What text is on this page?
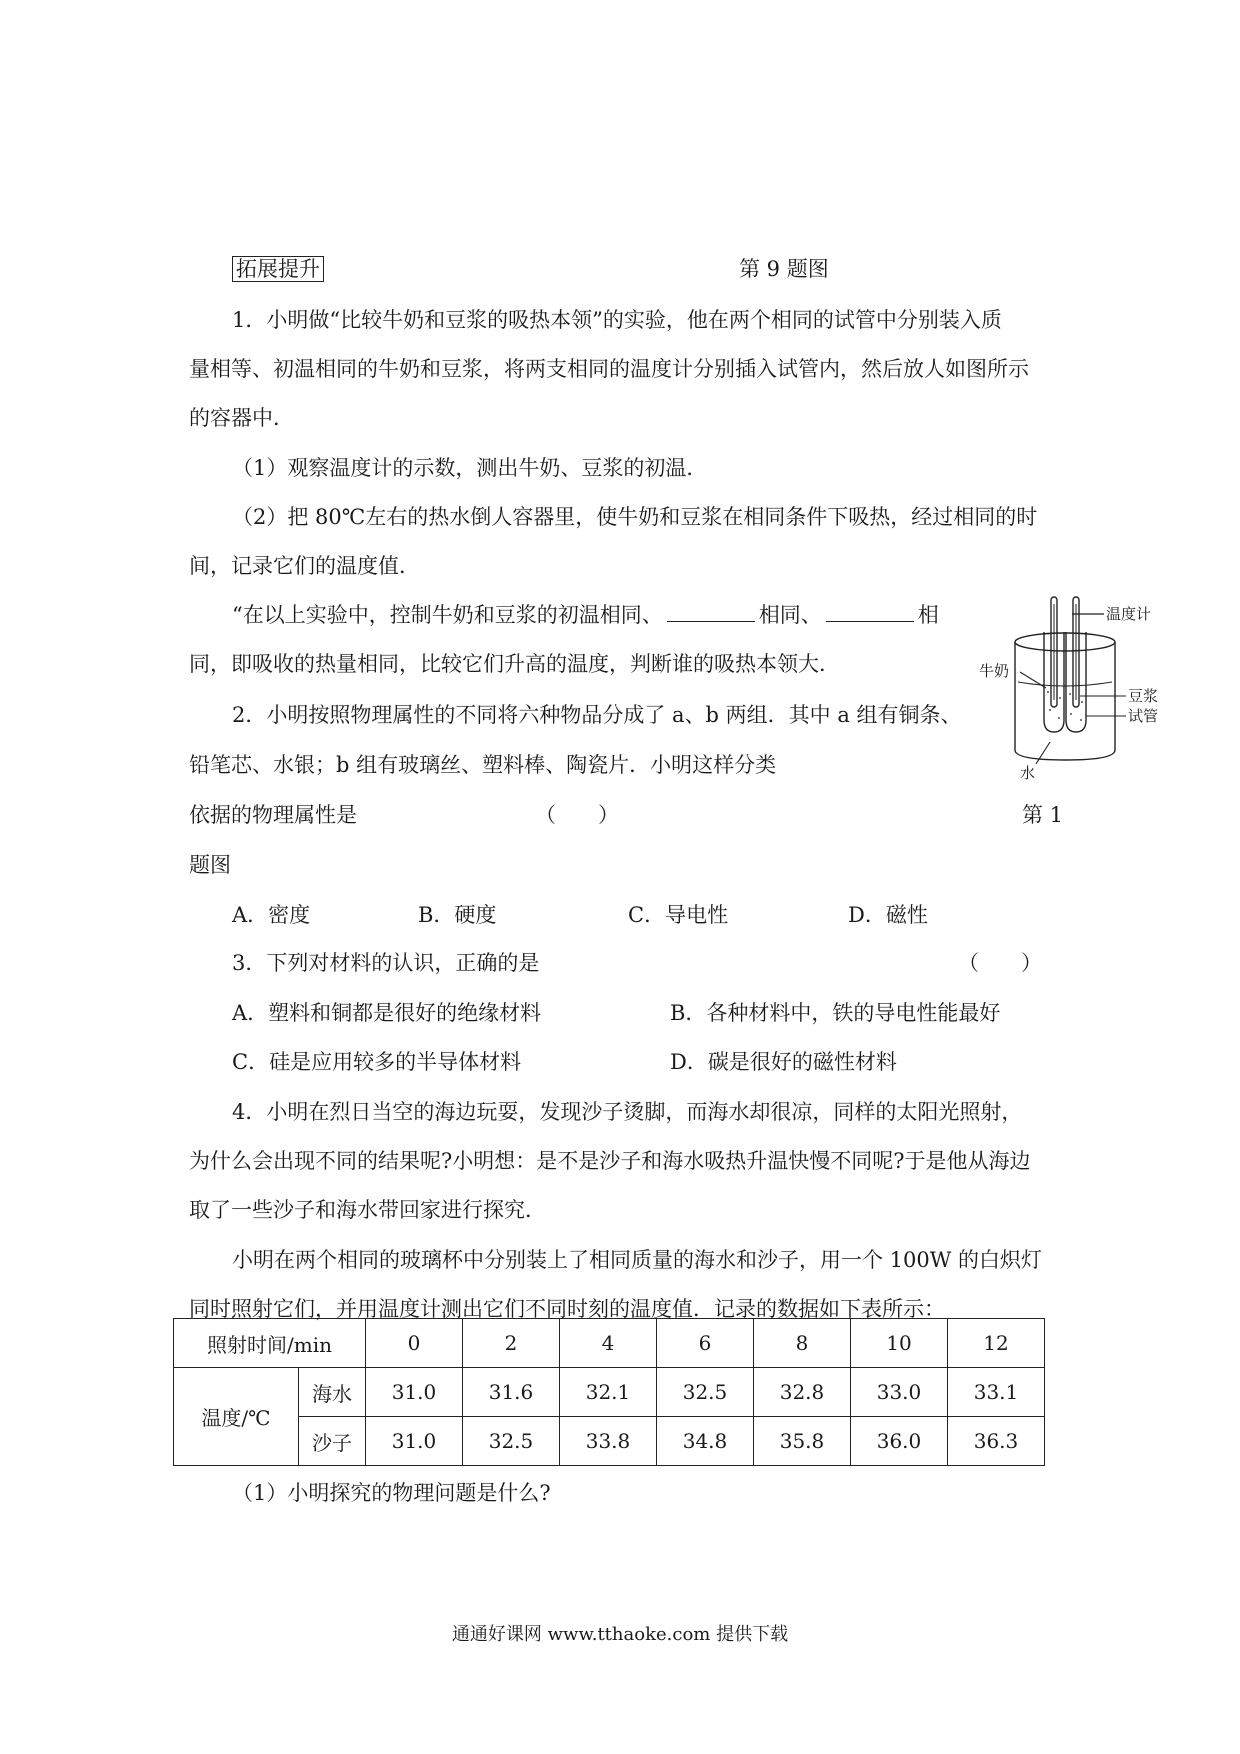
拓展提升	第 9 题图
1．小明做“比较牛奶和豆浆的吸热本领”的实验，他在两个相同的试管中分别装入质
量相等、初温相同的牛奶和豆浆，将两支相同的温度计分别插入试管内，然后放人如图所示
的容器中．
（1）观察温度计的示数，测出牛奶、豆浆的初温．
（2）把 80℃左右的热水倒人容器里，使牛奶和豆浆在相同条件下吸热，经过相同的时
间，记录它们的温度值．
“在以上实验中，控制牛奶和豆浆的初温相同、	相同、	相
同，即吸收的热量相同，比较它们升高的温度，判断谁的吸热本领大．
温度计
牛奶
豆浆
试管
水
2．小明按照物理属性的不同将六种物品分成了 a、b 两组．其中 a 组有铜条、
铅笔芯、水银；b 组有玻璃丝、塑料棒、陶瓷片．小明这样分类
依据的物理属性是	（　　）	第 1
题图
A．密度	B．硬度	C．导电性	D．磁性
3．下列对材料的认识，正确的是	（　　）
A．塑料和铜都是很好的绝缘材料	B．各种材料中，铁的导电性能最好
C．硅是应用较多的半导体材料	D．碳是很好的磁性材料
4．小明在烈日当空的海边玩耍，发现沙子烫脚，而海水却很凉，同样的太阳光照射，
为什么会出现不同的结果呢?小明想：是不是沙子和海水吸热升温快慢不同呢?于是他从海边
取了一些沙子和海水带回家进行探究．
小明在两个相同的玻璃杯中分别装上了相同质量的海水和沙子，用一个 100W 的白炽灯
同时照射它们，并用温度计测出它们不同时刻的温度值．记录的数据如下表所示：
照射时间/min		0	2	4	6	8	10	12
温度/℃	海水	31.0	31.6	32.1	32.5	32.8	33.0	33.1
	沙子	31.0	32.5	33.8	34.8	35.8	36.0	36.3
（1）小明探究的物理问题是什么?
通通好课网 www.tthaoke.com 提供下载
